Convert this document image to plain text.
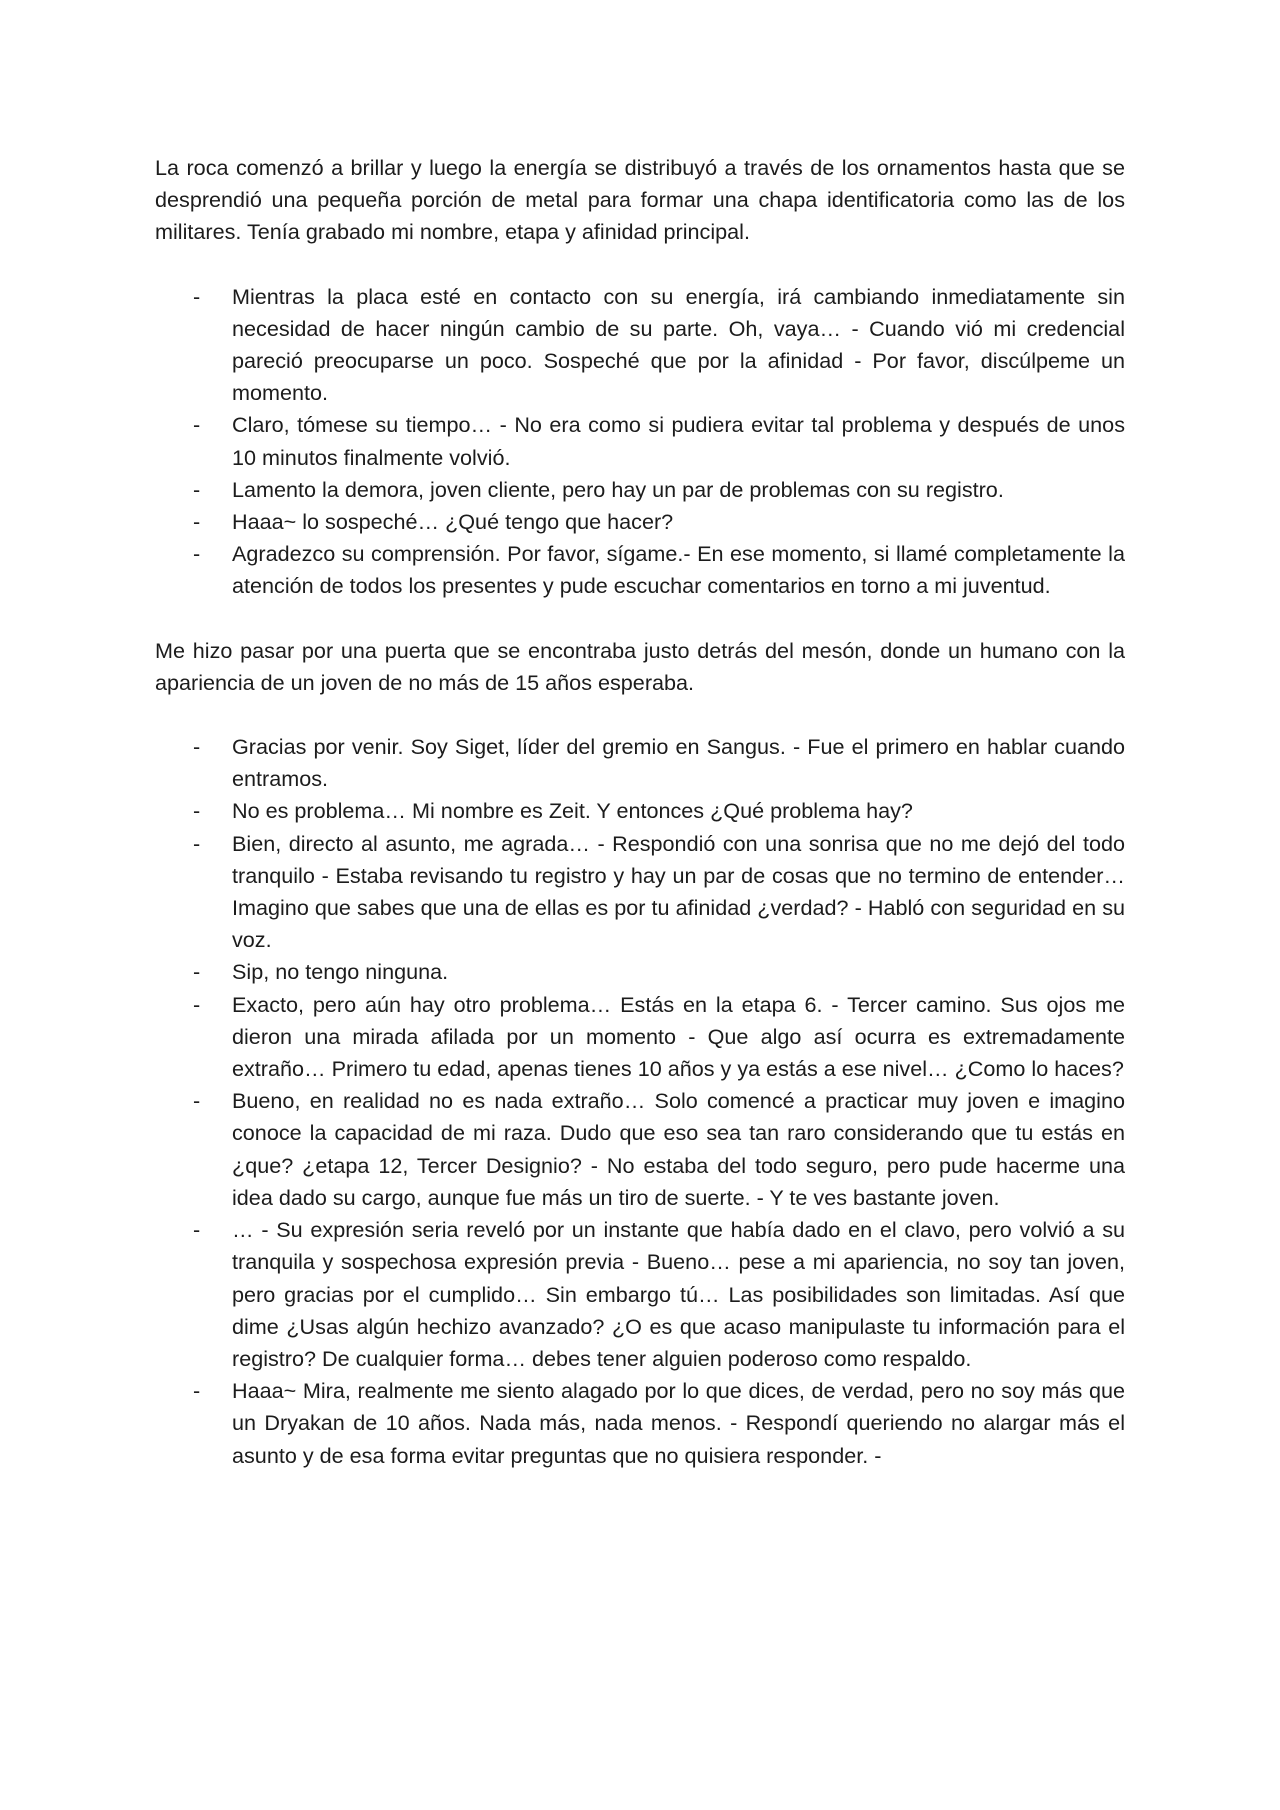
La roca comenzó a brillar y luego la energía se distribuyó a través de los ornamentos hasta que se desprendió una pequeña porción de metal para formar una chapa identificatoria como las de los militares. Tenía grabado mi nombre, etapa y afinidad principal.

- Mientras la placa esté en contacto con su energía, irá cambiando inmediatamente sin necesidad de hacer ningún cambio de su parte. Oh, vaya… - Cuando vió mi credencial pareció preocuparse un poco. Sospeché que por la afinidad - Por favor, discúlpeme un momento.
- Claro, tómese su tiempo… - No era como si pudiera evitar tal problema y después de unos 10 minutos finalmente volvió.
- Lamento la demora, joven cliente, pero hay un par de problemas con su registro.
- Haaa~ lo sospeché… ¿Qué tengo que hacer?
- Agradezco su comprensión. Por favor, sígame.- En ese momento, si llamé completamente la atención de todos los presentes y pude escuchar comentarios en torno a mi juventud.

Me hizo pasar por una puerta que se encontraba justo detrás del mesón, donde un humano con la apariencia de un joven de no más de 15 años esperaba.

- Gracias por venir. Soy Siget, líder del gremio en Sangus. - Fue el primero en hablar cuando entramos.
- No es problema… Mi nombre es Zeit. Y entonces ¿Qué problema hay?
- Bien, directo al asunto, me agrada… - Respondió con una sonrisa que no me dejó del todo tranquilo - Estaba revisando tu registro y hay un par de cosas que no termino de entender… Imagino que sabes que una de ellas es por tu afinidad ¿verdad? - Habló con seguridad en su voz.
- Sip, no tengo ninguna.
- Exacto, pero aún hay otro problema… Estás en la etapa 6. - Tercer camino. Sus ojos me dieron una mirada afilada por un momento - Que algo así ocurra es extremadamente extraño… Primero tu edad, apenas tienes 10 años y ya estás a ese nivel… ¿Como lo haces?
- Bueno, en realidad no es nada extraño… Solo comencé a practicar muy joven e imagino conoce la capacidad de mi raza. Dudo que eso sea tan raro considerando que tu estás en ¿que? ¿etapa 12, Tercer Designio? - No estaba del todo seguro, pero pude hacerme una idea dado su cargo, aunque fue más un tiro de suerte. - Y te ves bastante joven.
- … - Su expresión seria reveló por un instante que había dado en el clavo, pero volvió a su tranquila y sospechosa expresión previa - Bueno… pese a mi apariencia, no soy tan joven, pero gracias por el cumplido… Sin embargo tú… Las posibilidades son limitadas. Así que dime ¿Usas algún hechizo avanzado? ¿O es que acaso manipulaste tu información para el registro? De cualquier forma… debes tener alguien poderoso como respaldo.
- Haaa~ Mira, realmente me siento alagado por lo que dices, de verdad, pero no soy más que un Dryakan de 10 años. Nada más, nada menos. - Respondí queriendo no alargar más el asunto y de esa forma evitar preguntas que no quisiera responder. -
